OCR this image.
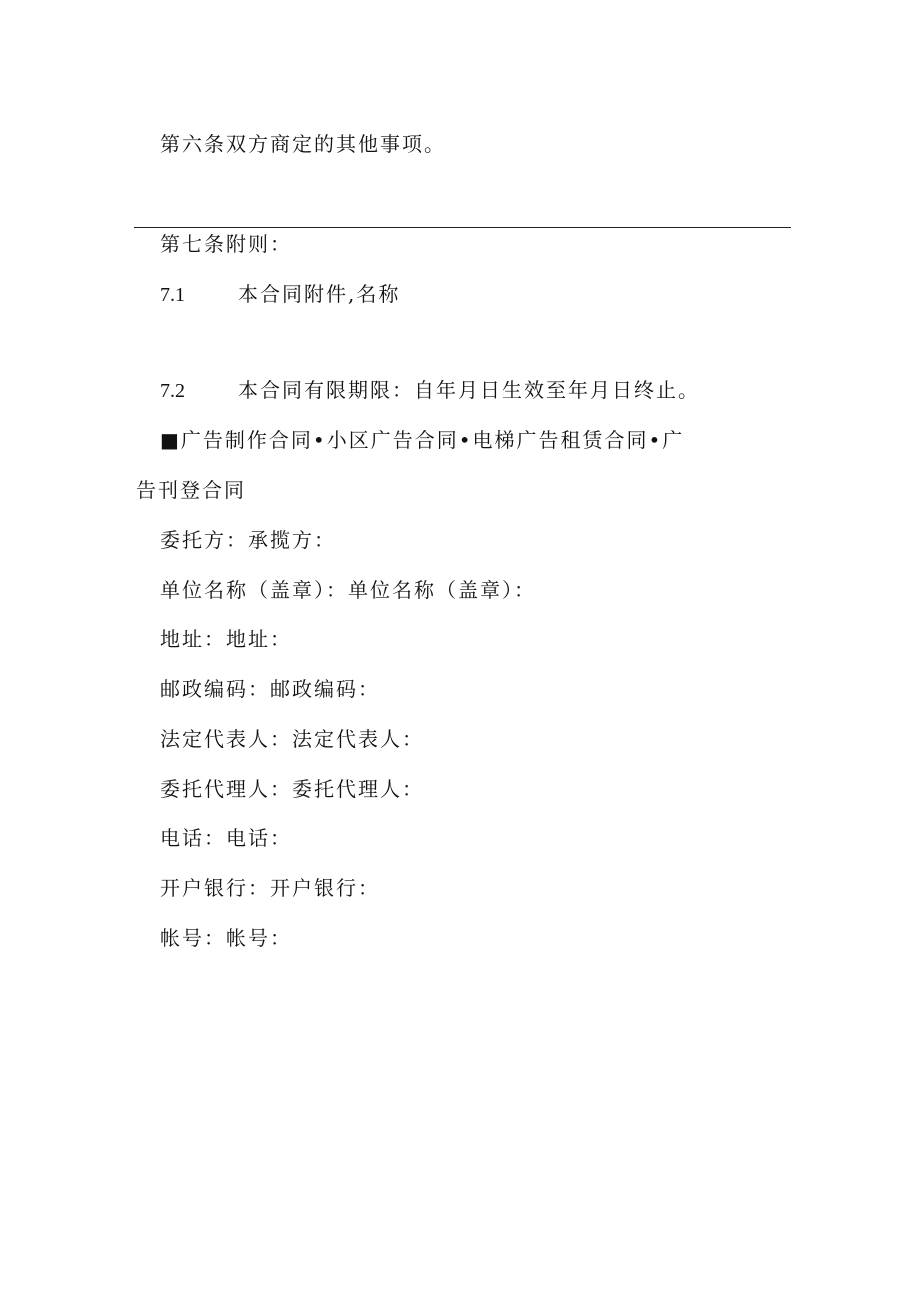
第六条双方商定的其他事项。
第七条附则：
7.1	本合同附件,名称
7.2	本合同有限期限：自年月日生效至年月日终止。
■广告制作合同•小区广告合同•电梯广告租赁合同•广
告刊登合同
委托方：承揽方：
单位名称（盖章）：单位名称（盖章）：
地址：地址：
邮政编码：邮政编码：
法定代表人：法定代表人：
委托代理人：委托代理人：
电话：电话：
开户银行：开户银行：
帐号：帐号：
